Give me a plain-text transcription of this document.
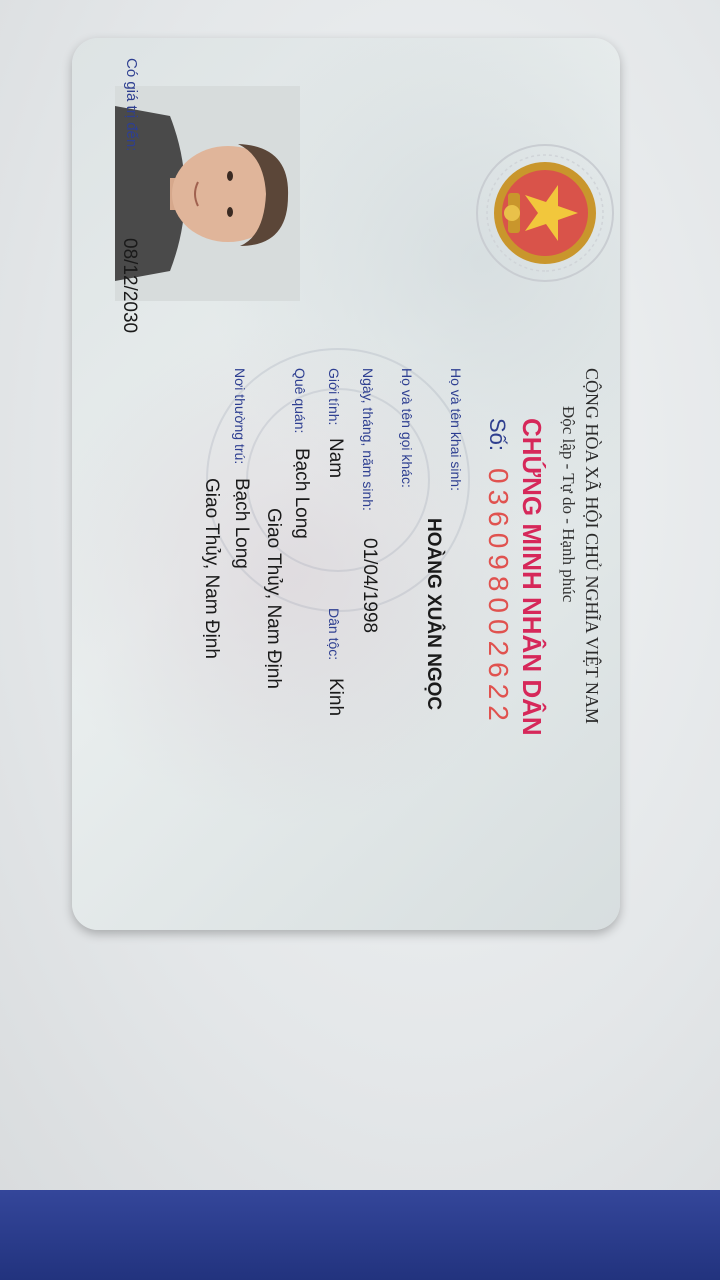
CỘNG HÒA XÃ HỘI CHỦ NGHĨA VIỆT NAM
Độc lập - Tự do - Hạnh phúc
CHỨNG MINH NHÂN DÂN
Số:
036098002622
Họ và tên khai sinh:
HOÀNG XUÂN NGỌC
Họ và tên gọi khác:
Ngày, tháng, năm sinh:
01/04/1998
Giới tính:
Nam
Dân tộc:
Kinh
Quê quán:
Bạch Long
Giao Thủy, Nam Định
Nơi thường trú:
Bạch Long
Giao Thủy, Nam Định
Có giá trị đến:
08/12/2030
